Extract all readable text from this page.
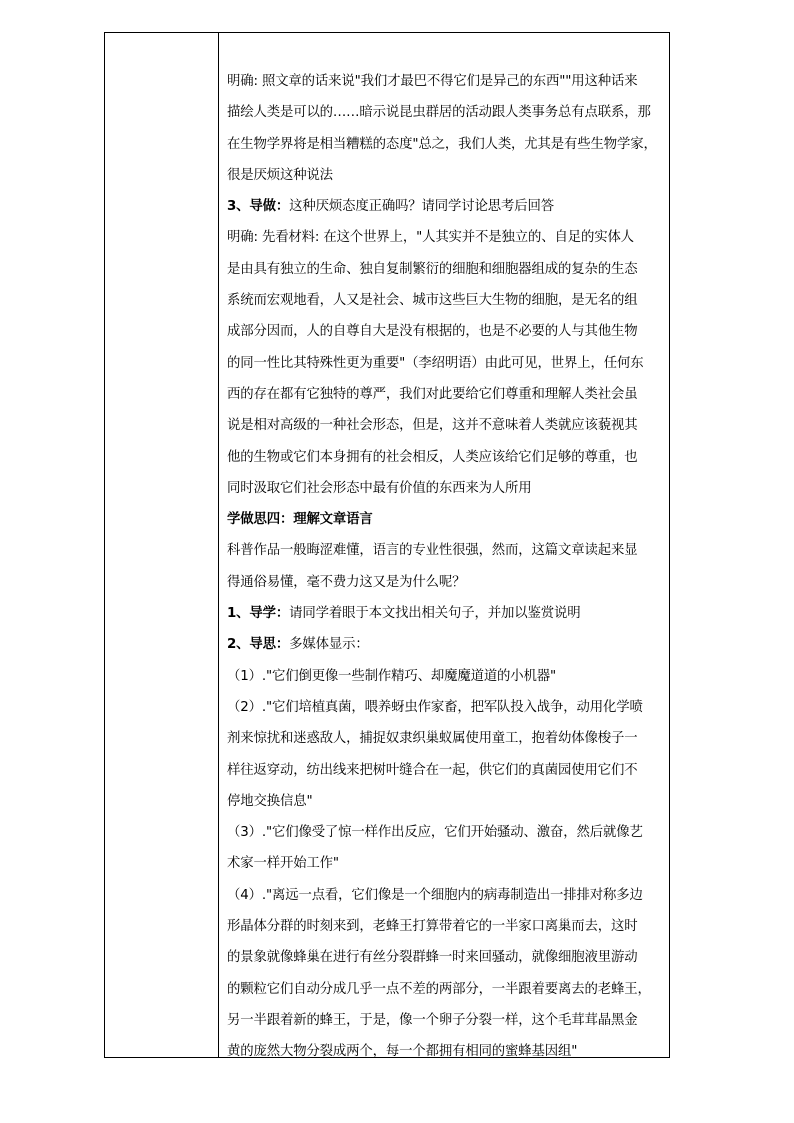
明确: 照文章的话来说"我们才最巴不得它们是异己的东西""用这种话来
描绘人类是可以的……暗示说昆虫群居的活动跟人类事务总有点联系，那
在生物学界将是相当糟糕的态度"总之，我们人类，尤其是有些生物学家，
很是厌烦这种说法
3、导做：这种厌烦态度正确吗？请同学讨论思考后回答
明确: 先看材料: 在这个世界上，"人其实并不是独立的、自足的实体人
是由具有独立的生命、独自复制繁衍的细胞和细胞器组成的复杂的生态
系统而宏观地看，人又是社会、城市这些巨大生物的细胞，是无名的组
成部分因而，人的自尊自大是没有根据的，也是不必要的人与其他生物
的同一性比其特殊性更为重要"（李绍明语）由此可见，世界上，任何东
西的存在都有它独特的尊严，我们对此要给它们尊重和理解人类社会虽
说是相对高级的一种社会形态，但是，这并不意味着人类就应该藐视其
他的生物或它们本身拥有的社会相反，人类应该给它们足够的尊重，也
同时汲取它们社会形态中最有价值的东西来为人所用
学做思四：理解文章语言
科普作品一般晦涩难懂，语言的专业性很强，然而，这篇文章读起来显
得通俗易懂，毫不费力这又是为什么呢？
1、导学：请同学着眼于本文找出相关句子，并加以鉴赏说明
2、导思：多媒体显示：
（1）."它们倒更像一些制作精巧、却魔魔道道的小机器"
（2）."它们培植真菌，喂养蚜虫作家畜，把军队投入战争，动用化学喷
剂来惊扰和迷惑敌人，捕捉奴隶织巢蚁属使用童工，抱着幼体像梭子一
样往返穿动，纺出线来把树叶缝合在一起，供它们的真菌园使用它们不
停地交换信息"
（3）."它们像受了惊一样作出反应，它们开始骚动、激奋，然后就像艺
术家一样开始工作"
（4）."离远一点看，它们像是一个细胞内的病毒制造出一排排对称多边
形晶体分群的时刻来到，老蜂王打算带着它的一半家口离巢而去，这时
的景象就像蜂巢在进行有丝分裂群蜂一时来回骚动，就像细胞液里游动
的颗粒它们自动分成几乎一点不差的两部分，一半跟着要离去的老蜂王，
另一半跟着新的蜂王，于是，像一个卵子分裂一样，这个毛茸茸晶黑金
黄的庞然大物分裂成两个，每一个都拥有相同的蜜蜂基因组"
